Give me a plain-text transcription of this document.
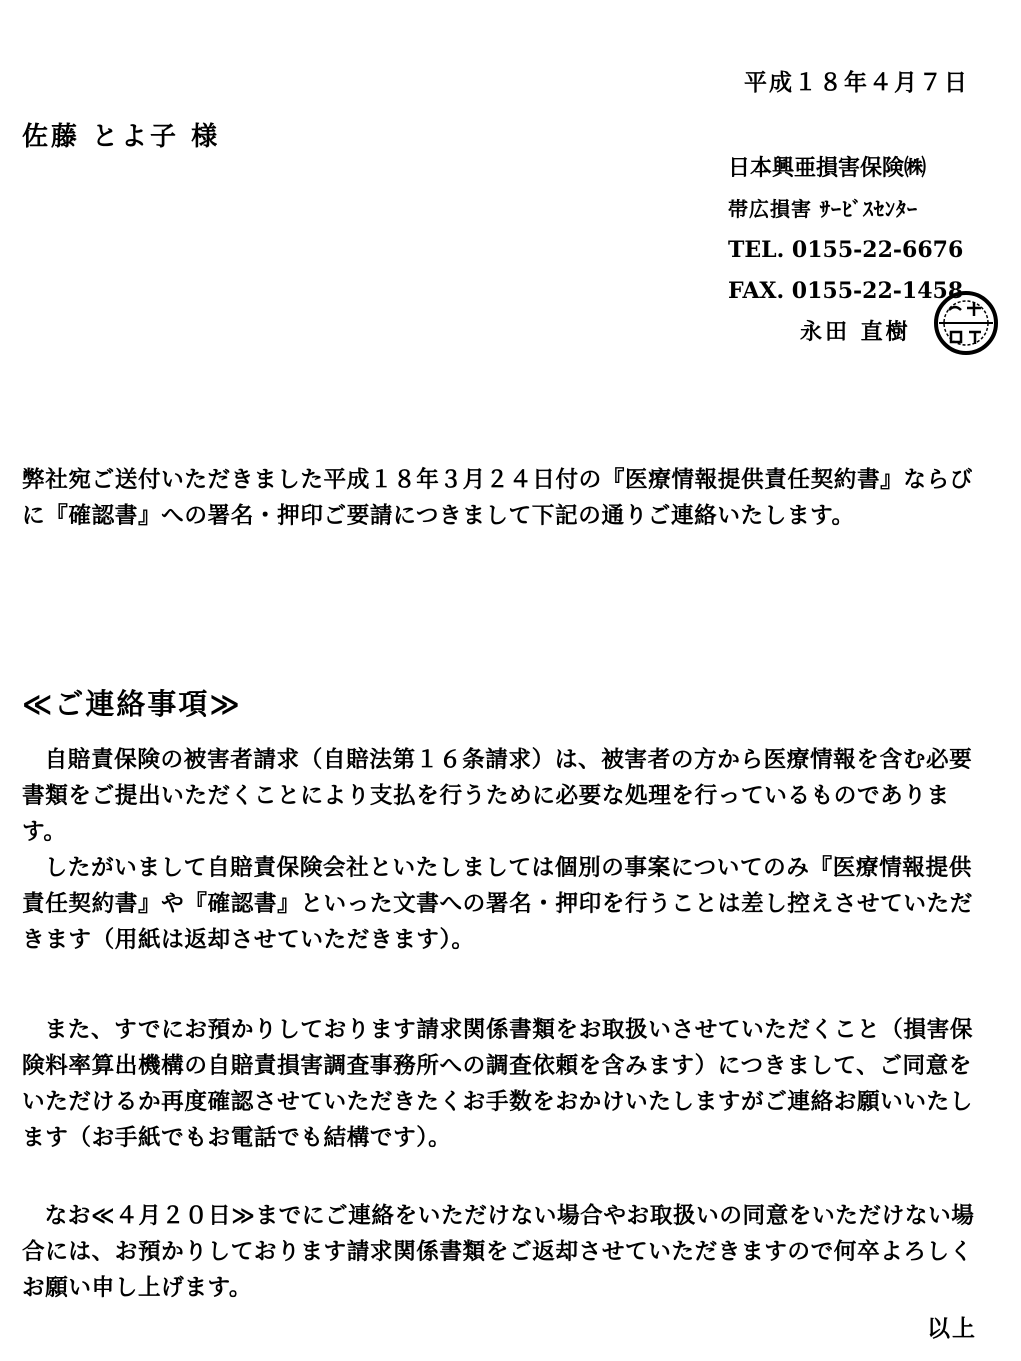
平成１８年４月７日
佐藤 とよ子 様
日本興亜損害保険㈱
帯広損害 ｻｰﾋﾞｽｾﾝﾀｰ
TEL. 0155-22-6676
FAX. 0155-22-1458
永田 直樹

弊社宛ご送付いただきました平成１８年３月２４日付の『医療情報提供責任契約書』ならびに『確認書』への署名・押印ご要請につきまして下記の通りご連絡いたします。

≪ご連絡事項≫

自賠責保険の被害者請求（自賠法第１６条請求）は、被害者の方から医療情報を含む必要書類をご提出いただくことにより支払を行うために必要な処理を行っているものであります。

したがいまして自賠責保険会社といたしましては個別の事案についてのみ『医療情報提供責任契約書』や『確認書』といった文書への署名・押印を行うことは差し控えさせていただきます（用紙は返却させていただきます）。

また、すでにお預かりしております請求関係書類をお取扱いさせていただくこと（損害保険料率算出機構の自賠責損害調査事務所への調査依頼を含みます）につきまして、ご同意をいただけるか再度確認させていただきたくお手数をおかけいたしますがご連絡お願いいたします（お手紙でもお電話でも結構です）。

なお≪４月２０日≫までにご連絡をいただけない場合やお取扱いの同意をいただけない場合には、お預かりしております請求関係書類をご返却させていただきますので何卒よろしくお願い申し上げます。

以上
